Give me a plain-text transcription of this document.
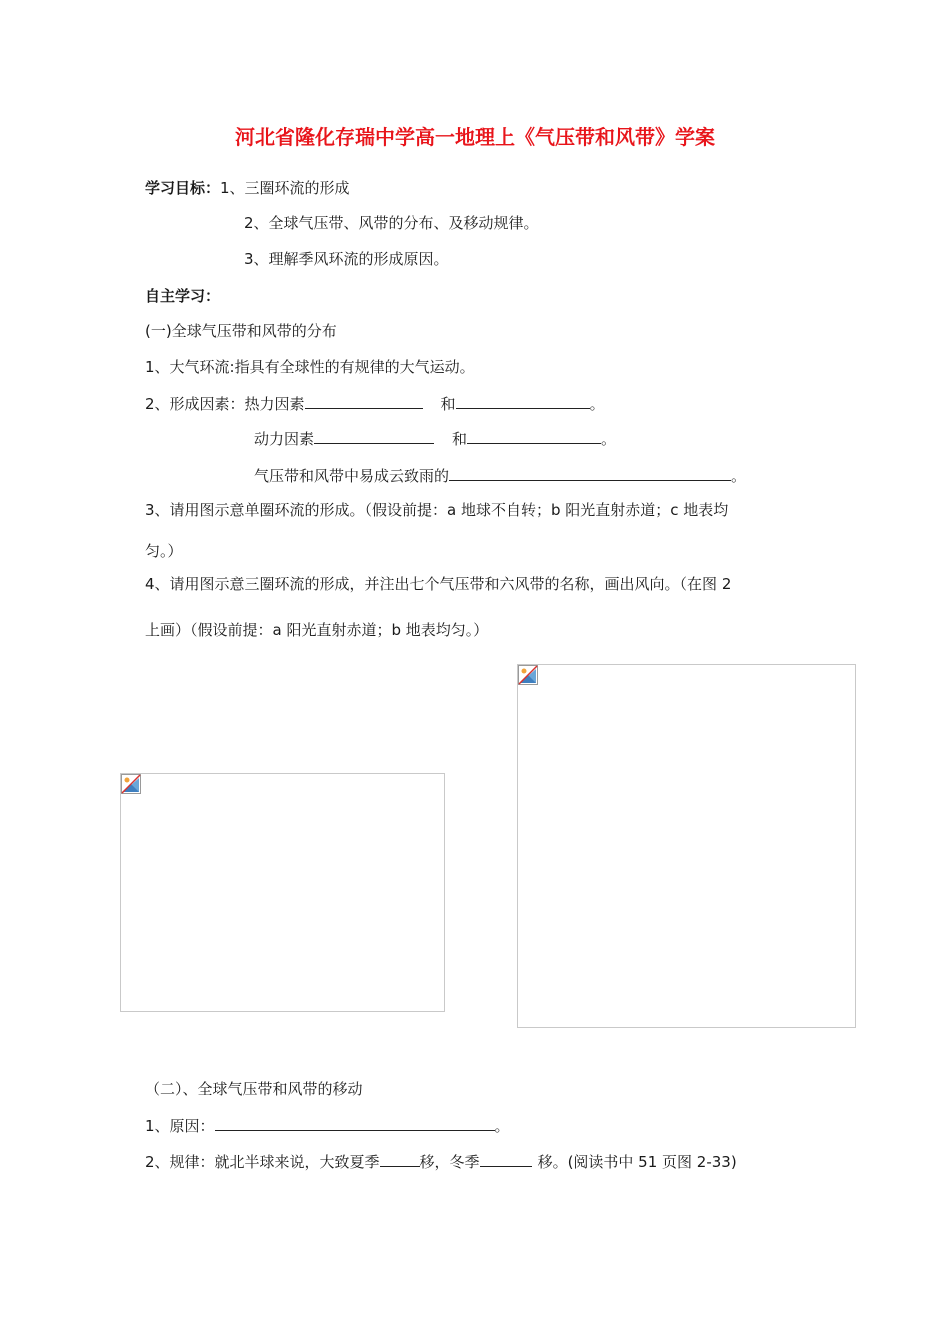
河北省隆化存瑞中学高一地理上《气压带和风带》学案
学习目标：1、三圈环流的形成
2、全球气压带、风带的分布、及移动规律。
3、理解季风环流的形成原因。
自主学习：
(一)全球气压带和风带的分布
1、大气环流:指具有全球性的有规律的大气运动。
2、形成因素：热力因素	和	。
动力因素	和	。
气压带和风带中易成云致雨的	。
3、请用图示意单圈环流的形成。（假设前提：a 地球不自转；b 阳光直射赤道；c 地表均
匀。）
4、请用图示意三圈环流的形成，并注出七个气压带和六风带的名称，画出风向。（在图 2
上画）（假设前提：a 阳光直射赤道；b 地表均匀。）
（二）、全球气压带和风带的移动
1、原因：	。
2、规律：就北半球来说，大致夏季	移，冬季	移。(阅读书中 51 页图 2-33)
